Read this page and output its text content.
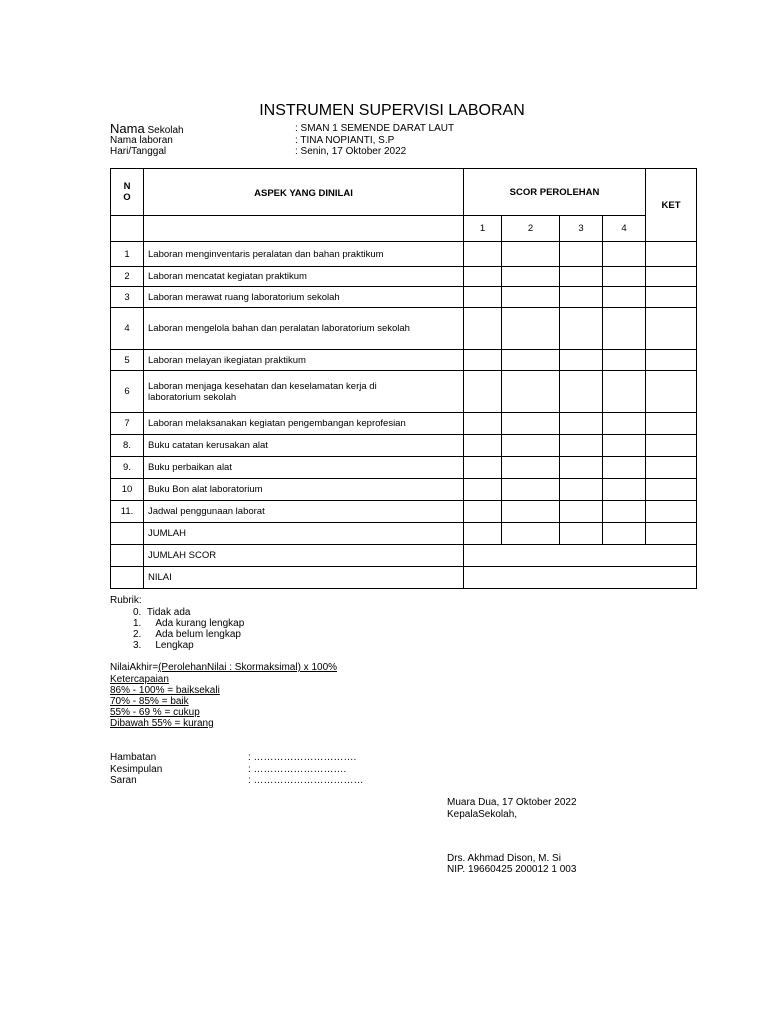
INSTRUMEN SUPERVISI LABORAN
Nama Sekolah	: SMAN 1 SEMENDE DARAT LAUT
Nama laboran	: TINA NOPIANTI, S.P
Hari/Tanggal	: Senin, 17 Oktober 2022
N
O	ASPEK YANG DINILAI	SCOR PEROLEHAN				KET
		1	2	3	4	
1	Laboran menginventaris peralatan dan bahan praktikum					
2	Laboran mencatat kegiatan praktikum					
3	Laboran merawat ruang laboratorium sekolah					
4	Laboran mengelola bahan dan peralatan laboratorium sekolah					
5	Laboran melayan ikegiatan praktikum					
6	Laboran menjaga kesehatan dan keselamatan kerja di
laboratorium sekolah					
7	Laboran melaksanakan kegiatan pengembangan keprofesian					
8.	Buku catatan kerusakan alat					
9.	Buku perbaikan alat					
10	Buku Bon alat laboratorium					
11.	Jadwal penggunaan laborat					
	JUMLAH					
	JUMLAH SCOR					
	NILAI					
Rubrik:
0. Tidak ada
1. Ada kurang lengkap
2. Ada belum lengkap
3. Lengkap
NilaiAkhir=(PerolehanNilai : Skormaksimal) x 100%
Ketercapaian
86% - 100% = baiksekali
70% - 85% = baik
55% - 69 % = cukup
Dibawah 55% = kurang
Hambatan	: ………………………….
Kesimpulan	: ……………………….
Saran	: ……………………………
Muara Dua, 17 Oktober 2022
KepalaSekolah,
Drs. Akhmad Dison, M. Si
NIP. 19660425 200012 1 003
